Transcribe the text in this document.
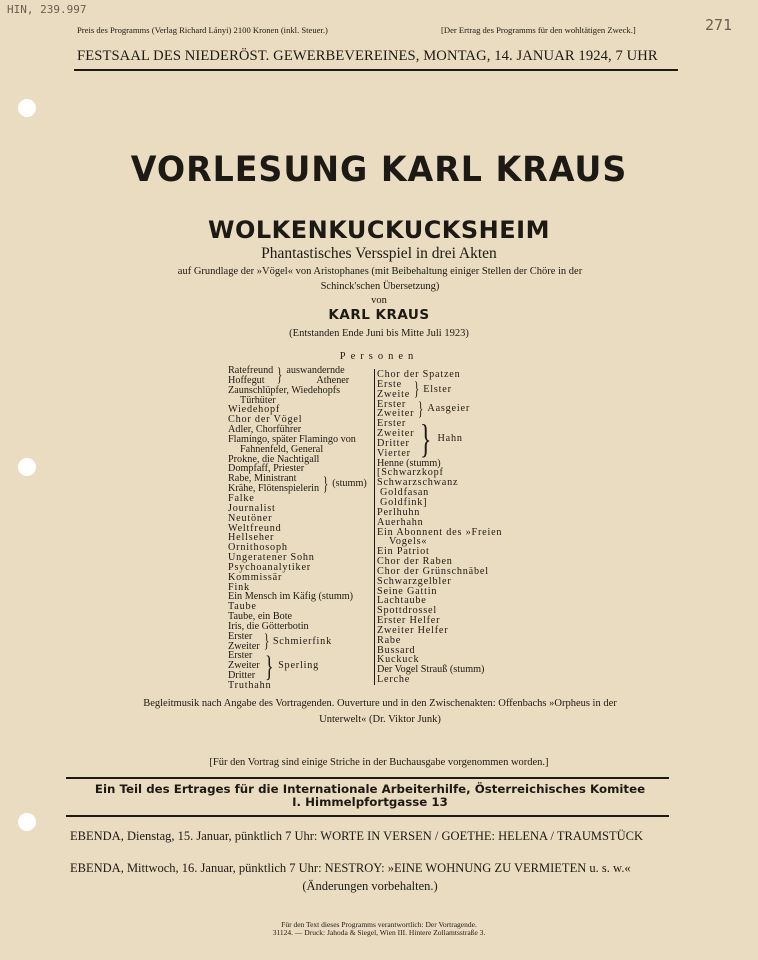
HIN, 239.997
271
Preis des Programms (Verlag Richard Lányi) 2100 Kronen (inkl. Steuer.)	[Der Ertrag des Programms für den wohltätigen Zweck.]
FESTSAAL DES NIEDERÖST. GEWERBEVEREINES, MONTAG, 14. JANUAR 1924, 7 UHR
VORLESUNG KARL KRAUS
WOLKENKUCKUCKSHEIM
Phantastisches Versspiel in drei Akten
auf Grundlage der »Vögel« von Aristophanes (mit Beibehaltung einiger Stellen der Chöre in der Schinck'schen Übersetzung)
von
KARL KRAUS
(Entstanden Ende Juni bis Mitte Juli 1923)
Personen
Ratefreund
Hoffegut } auswandernde
Athener
Zaunschlüpfer, Wiedehopfs
Türhüter
Wiedehopf
Chor der Vögel
Adler, Chorführer
Flamingo, später Flamingo von
Fahnenfeld, General
Prokne, die Nachtigall
Dompfaff, Priester
Rabe, Ministrant
Krähe, Flötenspielerin } (stumm)
Falke
Journalist
Neutöner
Weltfreund
Hellseher
Ornithosoph
Ungeratener Sohn
Psychoanalytiker
Kommissär
Fink
Ein Mensch im Käfig (stumm)
Taube
Taube, ein Bote
Iris, die Götterbotin
Erster
Zweiter } Schmierfink
Erster
Zweiter
Dritter } Sperling
Truthahn
Chor der Spatzen
Erste
Zweite } Elster
Erster
Zweiter } Aasgeier
Erster
Zweiter
Dritter
Vierter } Hahn
Henne (stumm)
[Schwarzkopf
Schwarzschwanz
Goldfasan
Goldfink]
Perlhuhn
Auerhahn
Ein Abonnent des »Freien
Vogels«
Ein Patriot
Chor der Raben
Chor der Grünschnäbel
Schwarzgelbler
Seine Gattin
Lachtaube
Spottdrossel
Erster Helfer
Zweiter Helfer
Rabe
Bussard
Kuckuck
Der Vogel Strauß (stumm)
Lerche
Begleitmusik nach Angabe des Vortragenden. Ouverture und in den Zwischenakten: Offenbachs »Orpheus in der Unterwelt« (Dr. Viktor Junk)
[Für den Vortrag sind einige Striche in der Buchausgabe vorgenommen worden.]
Ein Teil des Ertrages für die Internationale Arbeiterhilfe, Österreichisches Komitee
I. Himmelpfortgasse 13
EBENDA, Dienstag, 15. Januar, pünktlich 7 Uhr: WORTE IN VERSEN / GOETHE: HELENA / TRAUMSTÜCK
EBENDA, Mittwoch, 16. Januar, pünktlich 7 Uhr: NESTROY: »EINE WOHNUNG ZU VERMIETEN u. s. w.«
(Änderungen vorbehalten.)
Für den Text dieses Programms verantwortlich: Der Vortragende.
31124. — Druck: Jahoda & Siegel, Wien III. Hintere Zollamtsstraße 3.
